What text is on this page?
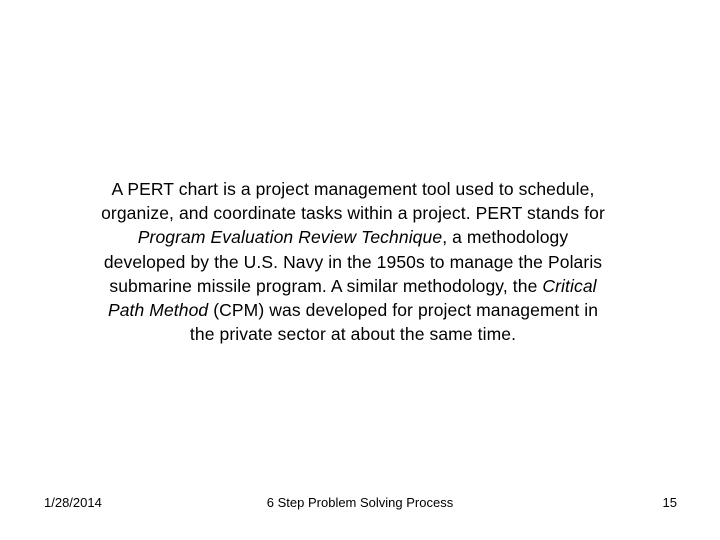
A PERT chart is a project management tool used to schedule, organize, and coordinate tasks within a project. PERT stands for Program Evaluation Review Technique, a methodology developed by the U.S. Navy in the 1950s to manage the Polaris submarine missile program. A similar methodology, the Critical Path Method (CPM) was developed for project management in the private sector at about the same time.

1/28/2014	6 Step Problem Solving Process	15
